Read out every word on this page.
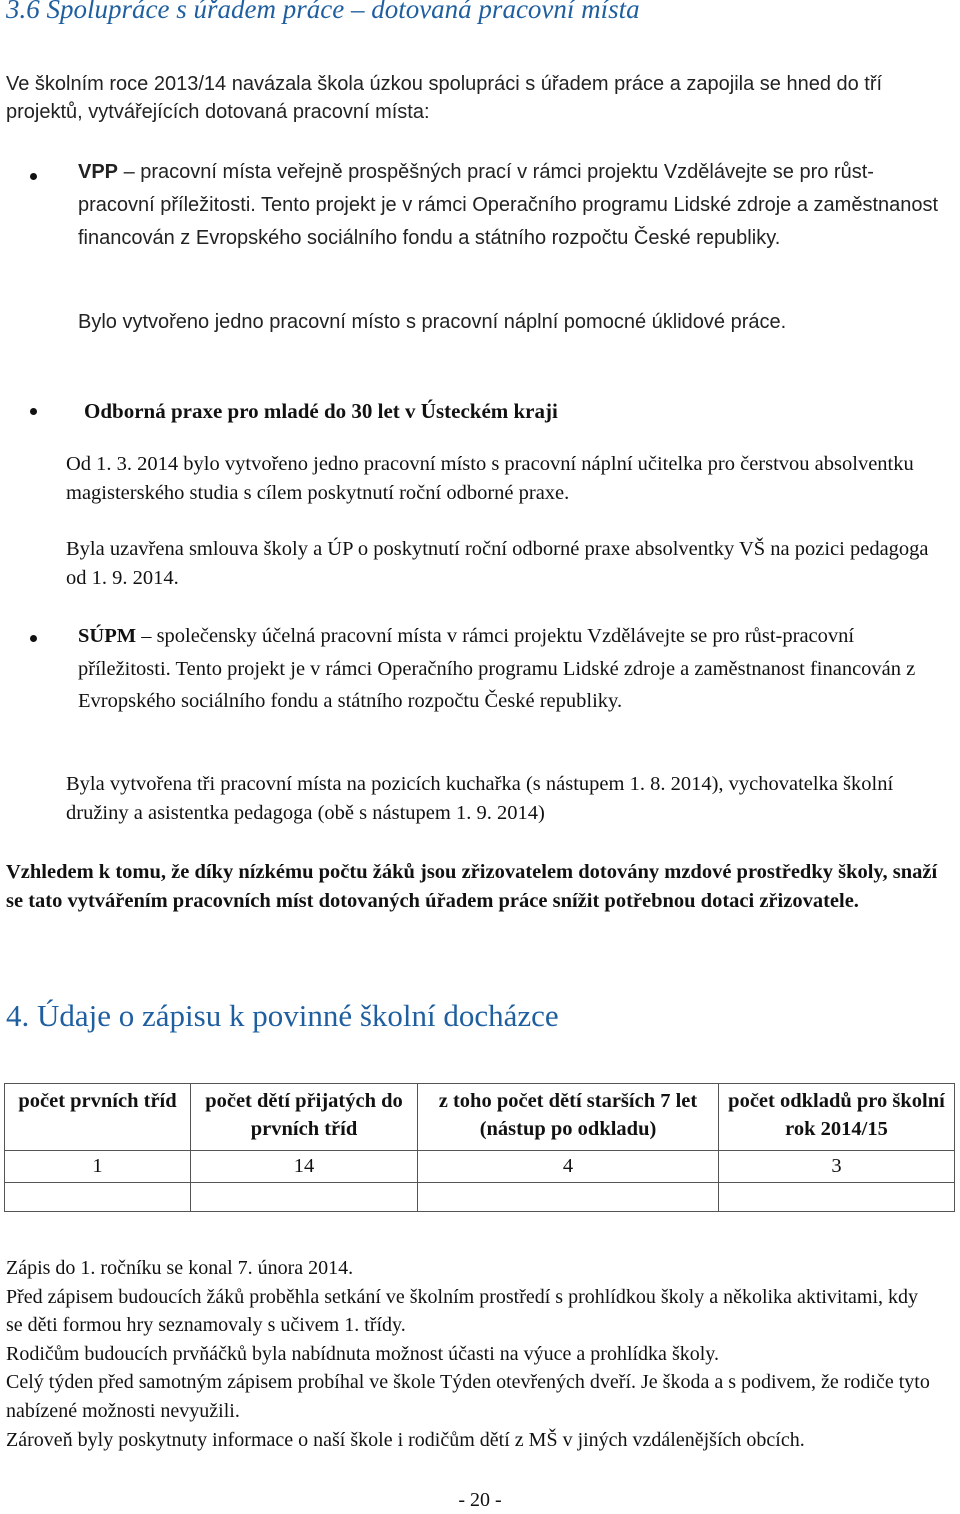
3.6 Spolupráce s úřadem práce – dotovaná pracovní místa
Ve školním roce 2013/14 navázala škola úzkou spolupráci s úřadem práce a zapojila se hned do tří projektů, vytvářejících dotovaná pracovní místa:
VPP – pracovní místa veřejně prospěšných prací v rámci projektu Vzdělávejte se pro růst-pracovní příležitosti. Tento projekt je v rámci Operačního programu Lidské zdroje a zaměstnanost financován z Evropského sociálního fondu a státního rozpočtu České republiky.
Bylo vytvořeno jedno pracovní místo s pracovní náplní pomocné úklidové práce.
Odborná praxe pro mladé do 30 let v Ústeckém kraji
Od 1. 3. 2014 bylo vytvořeno jedno pracovní místo s pracovní náplní učitelka pro čerstvou absolventku magisterského studia s cílem poskytnutí roční odborné praxe.
Byla uzavřena smlouva školy a ÚP o poskytnutí roční odborné praxe absolventky VŠ na pozici pedagoga od 1. 9. 2014.
SÚPM – společensky účelná pracovní místa v rámci projektu Vzdělávejte se pro růst-pracovní příležitosti. Tento projekt je v rámci Operačního programu Lidské zdroje a zaměstnanost financován z Evropského sociálního fondu a státního rozpočtu České republiky.
Byla vytvořena tři pracovní místa na pozicích kuchařka (s nástupem 1. 8. 2014), vychovatelka školní družiny a asistentka pedagoga (obě s nástupem 1. 9. 2014)
Vzhledem k tomu, že díky nízkému počtu žáků jsou zřizovatelem dotovány mzdové prostředky školy, snaží se tato vytvářením pracovních míst dotovaných úřadem práce snížit potřebnou dotaci zřizovatele.
4. Údaje o zápisu k povinné školní docházce
počet prvních tříd	počet dětí přijatých do prvních tříd	z toho počet dětí starších 7 let (nástup po odkladu)	počet odkladů pro školní rok 2014/15
1	14	4	3

Zápis do 1. ročníku se konal 7. února 2014.
Před zápisem budoucích žáků proběhla setkání ve školním prostředí s prohlídkou školy a několika aktivitami, kdy se děti formou hry seznamovaly s učivem 1. třídy.
Rodičům budoucích prvňáčků byla nabídnuta možnost účasti na výuce a prohlídka školy.
Celý týden před samotným zápisem probíhal ve škole Týden otevřených dveří. Je škoda a s podivem, že rodiče tyto nabízené možnosti nevyužili.
Zároveň byly poskytnuty informace o naší škole i rodičům dětí z MŠ v jiných vzdálenějších obcích.
- 20 -
